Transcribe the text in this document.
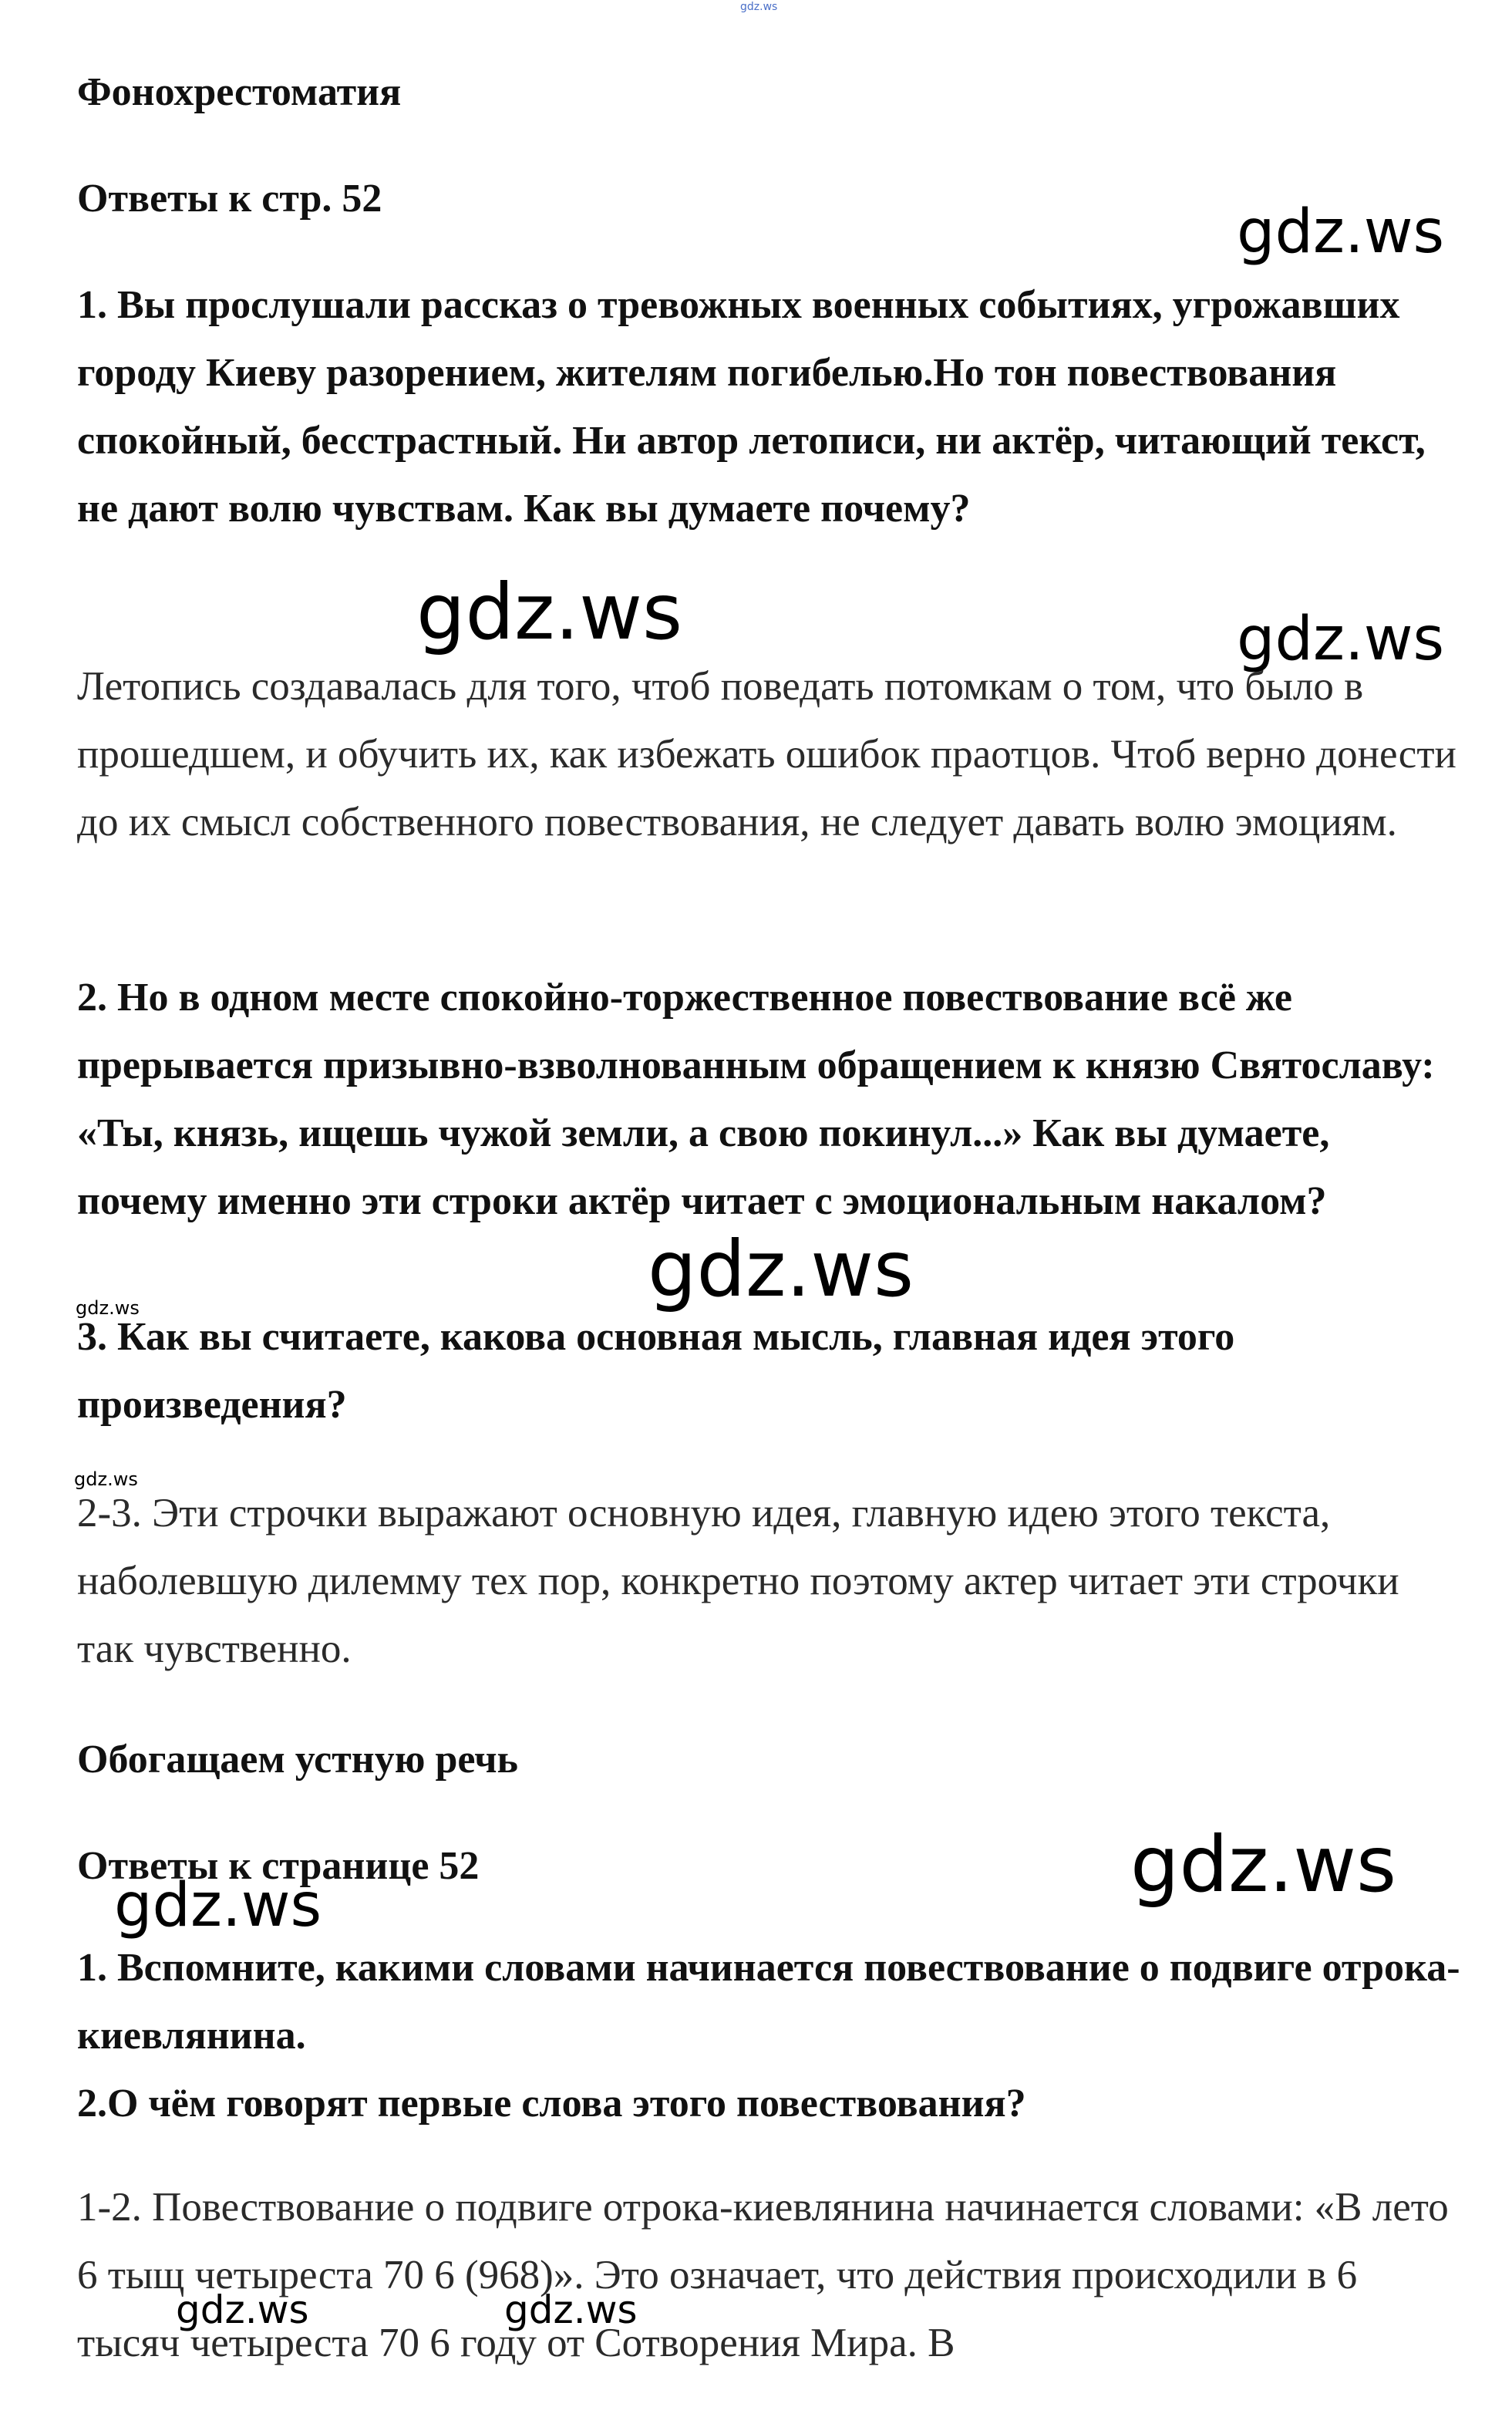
Фонохрестоматия

Ответы к стр. 52

1. Вы прослушали рассказ о тревожных военных событиях, угрожавших городу Киеву разорением, жителям погибелью.Но тон повествования спокойный, бесстрастный. Ни автор летописи, ни актёр, читающий текст, не дают волю чувствам. Как вы думаете почему?

Летопись создавалась для того, чтоб поведать потомкам о том, что было в прошедшем, и обучить их, как избежать ошибок праотцов. Чтоб верно донести до их смысл собственного повествования, не следует давать волю эмоциям.

2. Но в одном месте спокойно-торжественное повествование всё же прерывается призывно-взволнованным обращением к князю Святославу: «Ты, князь, ищешь чужой земли, а свою покинул...» Как вы думаете, почему именно эти строки актёр читает с эмоциональным накалом?

3. Как вы считаете, какова основная мысль, главная идея этого произведения?

2-3. Эти строчки выражают основную идея, главную идею этого текста, наболевшую дилемму тех пор, конкретно поэтому актер читает эти строчки так чувственно.

Обогащаем устную речь

Ответы к странице 52

1. Вспомните, какими словами начинается повествование о подвиге отрока-киевлянина.

2.О чём говорят первые слова этого повествования?

1-2. Повествование о подвиге отрока-киевлянина начинается словами: «В лето 6 тыщ четыреста 70 6 (968)». Это означает, что действия происходили в 6 тысяч четыреста 70 6 году от Сотворения Мира. В

gdz.ws
gdz.ws
gdz.ws	gdz.ws
gdz.ws
gdz.ws
gdz.ws
gdz.ws
gdz.ws
gdz.ws	gdz.ws
